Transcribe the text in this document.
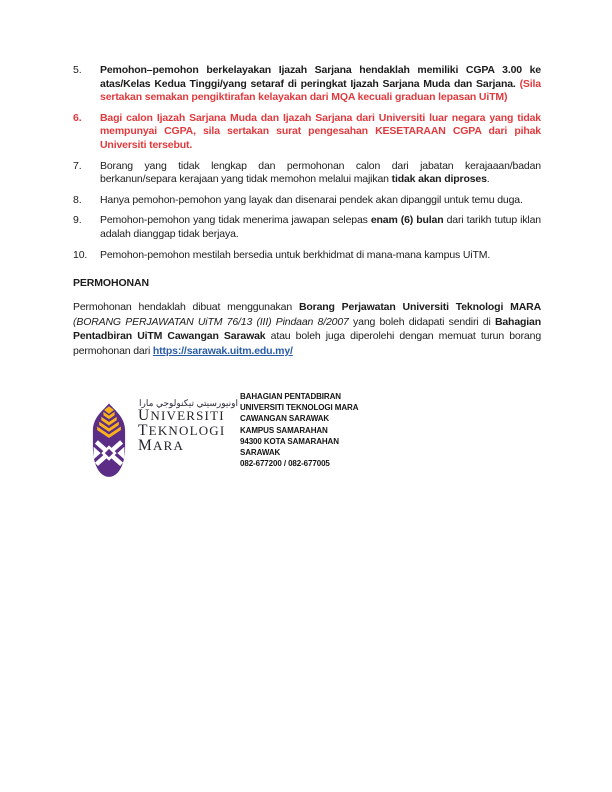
5.	Pemohon–pemohon berkelayakan Ijazah Sarjana hendaklah memiliki CGPA 3.00 ke atas/Kelas Kedua Tinggi/yang setaraf di peringkat Ijazah Sarjana Muda dan Sarjana. (Sila sertakan semakan pengiktirafan kelayakan dari MQA kecuali graduan lepasan UiTM)
6.	Bagi calon Ijazah Sarjana Muda dan Ijazah Sarjana dari Universiti luar negara yang tidak mempunyai CGPA, sila sertakan surat pengesahan KESETARAAN CGPA dari pihak Universiti tersebut.
7.	Borang yang tidak lengkap dan permohonan calon dari jabatan kerajaaan/badan berkanun/separa kerajaan yang tidak memohon melalui majikan tidak akan diproses.
8.	Hanya pemohon-pemohon yang layak dan disenarai pendek akan dipanggil untuk temu duga.
9.	Pemohon-pemohon yang tidak menerima jawapan selepas enam (6) bulan dari tarikh tutup iklan adalah dianggap tidak berjaya.
10.	Pemohon-pemohon mestilah bersedia untuk berkhidmat di mana-mana kampus UiTM.
PERMOHONAN
Permohonan hendaklah dibuat menggunakan Borang Perjawatan Universiti Teknologi MARA (BORANG PERJAWATAN UiTM 76/13 (III) Pindaan 8/2007 yang boleh didapati sendiri di Bahagian Pentadbiran UiTM Cawangan Sarawak atau boleh juga diperolehi dengan memuat turun borang permohonan dari https://sarawak.uitm.edu.my/
اونيورسيتي تيكنولوجي مارا
UNIVERSITI
TEKNOLOGI
MARA
BAHAGIAN PENTADBIRAN
UNIVERSITI TEKNOLOGI MARA
CAWANGAN SARAWAK
KAMPUS SAMARAHAN
94300 KOTA SAMARAHAN
SARAWAK
082-677200 / 082-677005
